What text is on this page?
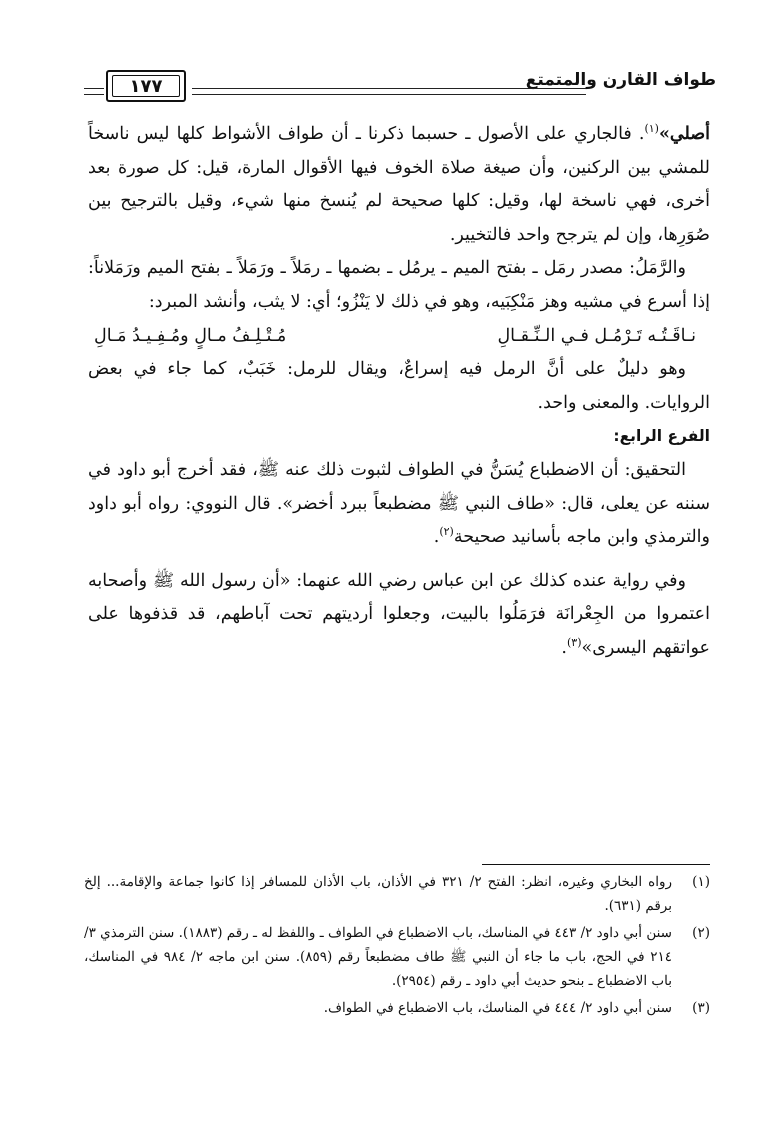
طواف القارن والمتمتع
١٧٧

أصلي»$^{(١)}$. فالجاري على الأصول ـ حسبما ذكرنا ـ أن طواف الأشواط كلها ليس ناسخاً للمشي بين الركنين، وأن صيغة صلاة الخوف فيها الأقوال المارة، قيل: كل صورة بعد أخرى، فهي ناسخة لها، وقيل: كلها صحيحة لم يُنسخ منها شيء، وقيل بالترجيح بين صُوَرِها، وإن لم يترجح واحد فالتخيير.

والرَّمَلُ: مصدر رمَل ـ بفتح الميم ـ يرمُل ـ بضمها ـ رمَلاً ـ ورَمَلاً ـ بفتح الميم ورَمَلاناً: إذا أسرع في مشيه وهز مَنْكِبَيه، وهو في ذلك لا يَنْزُو؛ أي: لا يثب، وأنشد المبرد:

نـاقَـتُـه تَـرْمُـل فـي الـنِّـقـالِ
مُـتْـلِـفُ مـالٍ ومُـفِـيـدُ مَـالِ

وهو دليلٌ على أنَّ الرمل فيه إسراعٌ، ويقال للرمل: خَبَبٌ، كما جاء في بعض الروايات. والمعنى واحد.

الفرع الرابع:

التحقيق: أن الاضطباع يُسَنُّ في الطواف لثبوت ذلك عنه ﷺ، فقد أخرج أبو داود في سننه عن يعلى، قال: «طاف النبي ﷺ مضطبعاً ببرد أخضر». قال النووي: رواه أبو داود والترمذي وابن ماجه بأسانيد صحيحة$^{(٢)}$.

وفي رواية عنده كذلك عن ابن عباس رضي الله عنهما: «أن رسول الله ﷺ وأصحابه اعتمروا من الجِعْرانَة فرَمَلُوا بالبيت، وجعلوا أرديتهم تحت آباطهم، قد قذفوها على عواتقهم اليسرى»$^{(٣)}$.

(١)
رواه البخاري وغيره، انظر: الفتح ٢/ ٣٢١ في الأذان، باب الأذان للمسافر إذا كانوا جماعة والإقامة... إلخ برقم (٦٣١).
(٢)
سنن أبي داود ٢/ ٤٤٣ في المناسك، باب الاضطباع في الطواف ـ واللفظ له ـ رقم (١٨٨٣). سنن الترمذي ٣/ ٢١٤ في الحج، باب ما جاء أن النبي ﷺ طاف مضطبعاً رقم (٨٥٩). سنن ابن ماجه ٢/ ٩٨٤ في المناسك، باب الاضطباع ـ بنحو حديث أبي داود ـ رقم (٢٩٥٤).
(٣)
سنن أبي داود ٢/ ٤٤٤ في المناسك، باب الاضطباع في الطواف.
